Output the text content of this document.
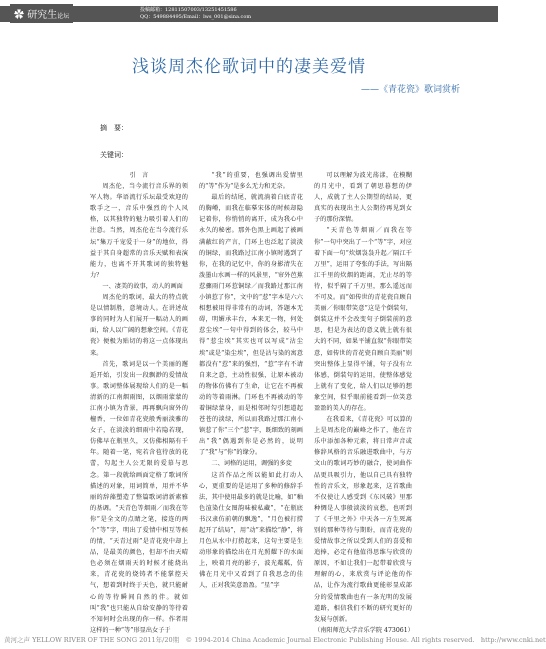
✿ 研究生论坛
投稿邮箱：12811507003/13251451586
QQ：549884495/Email：lws_001@sina.com
浅谈周杰伦歌词中的凄美爱情
——《青花瓷》歌词赏析
摘　要：
关键词：

引　言

周杰伦，当今流行音乐界的领军人物。华语流行乐坛最受欢迎的歌手之一，音乐中强烈的个人风格，以其独特的魅力吸引着人们的注意。当然，周杰伦在当今流行乐坛“集万千宠爱于一身”的地位，得益于其自身超常的音乐天赋和表演能力，也离不开其歌词的独特魅力？

一、凄美的故事，动人的画面

周杰伦的歌词，最大的特点就是以情制胜，意境动人。在讲述故事的同时为人们展开一幅动人的画面，给人以广阔的想象空间。《青花瓷》便极为贴切的将这一点体现出来。

首先，歌词是以一个美丽的邂逅开始，引发出一段飘渺的爱情故事。歌词整体展现给人们的是一幅清新的江南烟雨图，以烟雨蒙蒙的江南小镇为背景，再再飘向窗外的檀香，一位如青花瓷般秀丽淡雅的女子，在淡淡的细雨中若隐若现，仿佛早在瓶里久，又仿佛相隔有千年。随着一笔，宛若含苞待放的花蕾，勾起主人公无限的爱慕与思念。第一段就给画面定格了歌词所描述的对象，用词简单，用并不华丽的辞藻塑造了整篇歌词清新素雅的基调。“天青色等烟雨／而我在等你”是全文的点睛之笔，接连的两个“等”字，明出了爱情中相互等候的情，“天青过雨”是青花瓷中却上品，是最美的颜色，但却不由天晴色必须在烟雨天的时候才能烧出来，青花瓷的烧铸者不能掌控天气，想着到时终于天色，就只能耐心的等待瞬间自然的伴。就如叫“我”也只能从自给安静的等待着不知何时会出现的你一样。作者用这样的一种“等”形显出女子于

“我”的重要，也强调出爱情里的“等”作为“是多么无力和无奈。

最后的结尾，就流淌着白底青花的胸嵴，而我在临摹宋体的时候却隐记着你，你悄悄的离开，成为我心中永久的秘密。那外色黑上画起了被画满蔽红的产言，门环上也泛起了淡淡的铜绿，而我路过江南小镇时遇到了你，在我的记忆中，你的身影清失在泼墨山水画一样的风景里，“帘外芭蕉惹骤雨门环惹铜绿／而我路过那江南小镇惹了你”，文中的“惹”字本是六六相想被用得非常有的动词，答题本无碍，明媚承丰台，本来无一物，何处惹尘埃”一句中得到的体会，较马中得“惹尘埃”其实也可以写成“沾尘埃”或是“染尘埃”，但是沾与染的寓意都没有“惹”来的强烈，“惹”字有不请自来之意，主动性很强，让原本被动的物体仿佛有了生命，让它在不再被动的等着雨淋。门环也不再被动的等着铜绿蒙身，而是相邻时勾引想道起苍苍的淡绿，所以而我路过那江南小镇惹了你“三个”惹”字，既细致的刻画出“我”偶遇到你是必然的，说明了“我”与“你”的缘分。

二、词格的运用，调强的多変

这首作品之所以能如此打动人心，更重要的是运用了多种的修辞手法，其中使用最多的就是比喻，如“釉色渲染仕女图韵味被私藏”，“在瓶底书汉隶仿前朝的飘逸”，“月色被打捞起开了结局”，用“动”来描绘“静”，将月色从水中打捞起来，这句主要是生动形象的描绘出在月光照耀下的水面上，映着月亮的影子，波光粼粼，仿佛在月光中又看到了自我思念的佳人，正对我笑意盈盈。“星”字

可以理解为波光荡漾，在模糊的月光中，看到了朝思暮想的伊人，成就了主人公期望的结局，更真实的表现出主人公期待再见到女子的那份深情。

“天青色等烟雨／而我在等你”一句中突出了一个“等”字，对应着下面一句“炊烟袅袅升起／隔江千万里”，运用了夸张的手法，写出隔江千里的炊烟的距离，无止尽的等待，似乎隔了千万里，那么遥远而不可及。而“如传世的青花瓷自顾自美丽／你眼带笑意”这是个倒装句，倒装这并不会改变句子倒装前的意思，但是为表达的意义就上就有很大的不同，如果平铺直叙“你眼带笑意，如传世的青花瓷自顾自美丽”则突出整体上显得平铺，句子没有立体感，倒装句的运用，使整体感觉上就有了变化，给人们以足够的想象空间，似乎眼前能看到一位笑意盈盈的美人的存在。

在我看来，《青花瓷》可以算的上是周杰伦的巅峰之作了，他在音乐中添加各种元素，将日常声音或修辞风格的音乐融进歌曲中，与方文山的歌词巧妙的融合，使词曲作品更具吸引力，他以自己具有独特性的音乐文，形象起来，这首歌曲不仅使让人感受到《东风破》里那种惆是人事般淡淡的哀愁，也听到了《千里之外》中天各一方生死离别的那种等待与期盼，而青花瓷的爱情故事之所以受到人们的喜爱和追捧，必定有他值得思维与欣赏的原因，不如让我们一起带着欣赏与理解的心，来欣赏与评论他的作品，让作为流行歌曲更能彰显成部分的爱情歌曲也有一条光明的发展道路，相信我们不断的研究更好的发展与创新。

（南阳师范大学音乐学院 473061）

黄河之声 YELLOW RIVER OF THE SONG 2011年/20期　 © 1994-2014 China Academic Journal Electronic Publishing House. All rights reserved.　http://www.cnki.net
